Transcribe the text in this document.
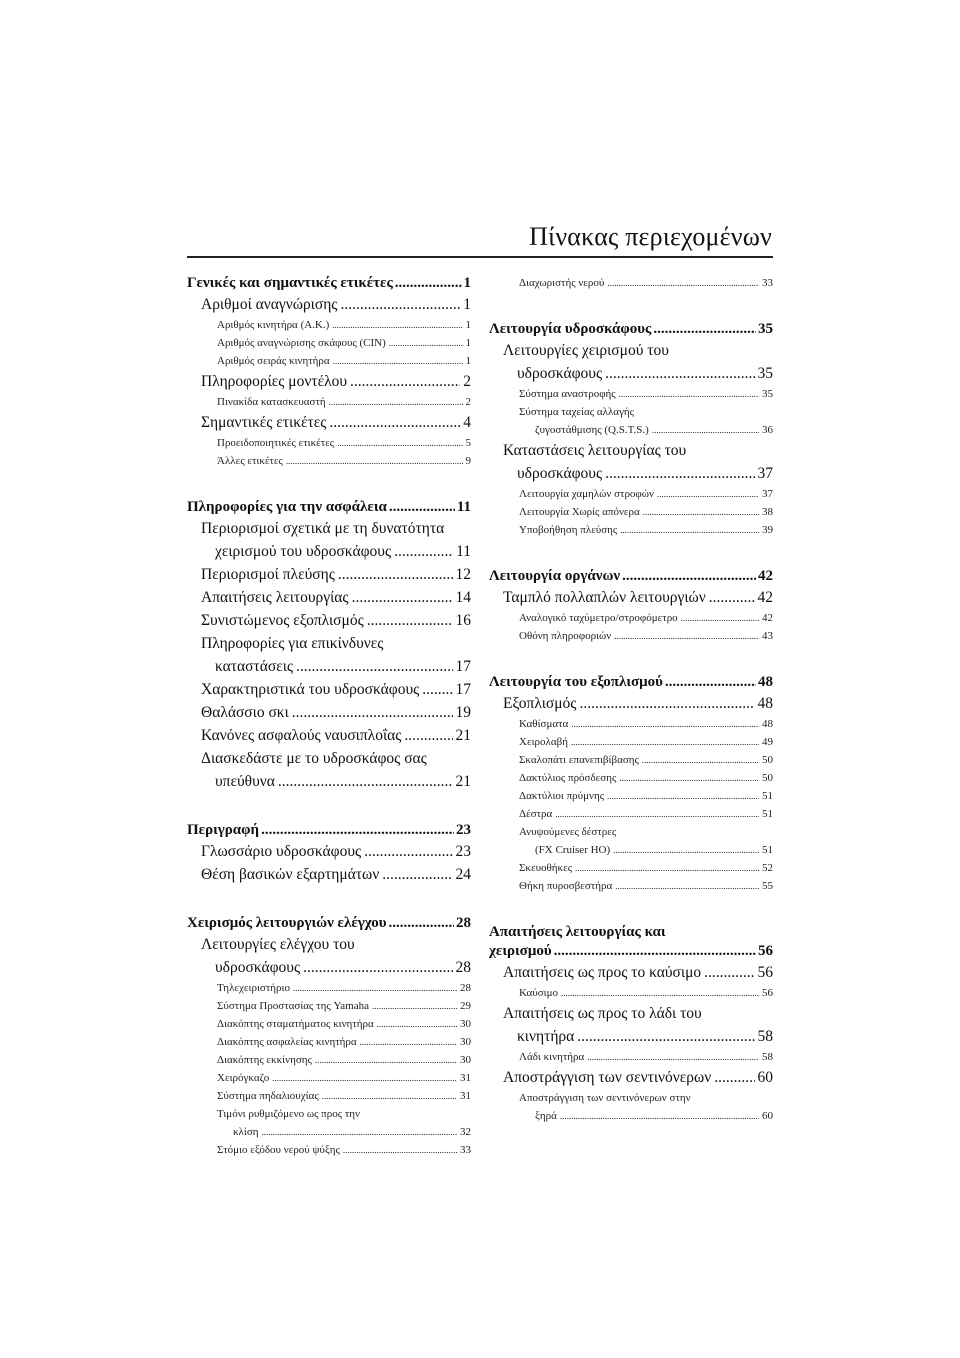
Πίνακας περιεχομένων
Γενικές και σημαντικές ετικέτες .....	1
Αριθμοί αναγνώρισης .....	1
Αριθμός κινητήρα (Α.Κ.) .....	1
Αριθμός αναγνώρισης σκάφους (CIN) .....	1
Αριθμός σειράς κινητήρα .....	1
Πληροφορίες μοντέλου .....	2
Πινακίδα κατασκευαστή .....	2
Σημαντικές ετικέτες .....	4
Προειδοποιητικές ετικέτες .....	5
Άλλες ετικέτες .....	9
Πληροφορίες για την ασφάλεια .....	11
Περιορισμοί σχετικά με τη δυνατότητα
χειρισμού του υδροσκάφους .....	11
Περιορισμοί πλεύσης .....	12
Απαιτήσεις λειτουργίας .....	14
Συνιστώμενος εξοπλισμός .....	16
Πληροφορίες για επικίνδυνες
καταστάσεις .....	17
Χαρακτηριστικά του υδροσκάφους ..... 17
Θαλάσσιο σκι .....	19
Κανόνες ασφαλούς ναυσιπλοΐας .....	21
Διασκεδάστε με το υδροσκάφος σας
υπεύθυνα .....	21
Περιγραφή .....	23
Γλωσσάριο υδροσκάφους .....	23
Θέση βασικών εξαρτημάτων .....	24
Χειρισμός λειτουργιών ελέγχου .....	28
Λειτουργίες ελέγχου του
υδροσκάφους .....	28
Τηλεχειριστήριο .....	28
Σύστημα Προστασίας της Yamaha .....	29
Διακόπτης σταματήματος κινητήρα .....	30
Διακόπτης ασφαλείας κινητήρα .....	30
Διακόπτης εκκίνησης .....	30
Χειρόγκαζο .....	31
Σύστημα πηδαλιουχίας .....	31
Τιμόνι ρυθμιζόμενο ως προς την
κλίση .....	32
Στόμιο εξόδου νερού ψύξης .....	33
Διαχωριστής νερού .....	33
Λειτουργία υδροσκάφους .....	35
Λειτουργίες χειρισμού του
υδροσκάφους .....	35
Σύστημα αναστροφής .....	35
Σύστημα ταχείας αλλαγής
ζυγοστάθμισης (Q.S.T.S.) .....	36
Καταστάσεις λειτουργίας του
υδροσκάφους .....	37
Λειτουργία χαμηλών στροφών .....	37
Λειτουργία Χωρίς απόνερα .....	38
Υποβοήθηση πλεύσης .....	39
Λειτουργία οργάνων .....	42
Ταμπλό πολλαπλών λειτουργιών .....	42
Αναλογικό ταχύμετρο/στροφόμετρο .....	42
Οθόνη πληροφοριών .....	43
Λειτουργία του εξοπλισμού .....	48
Εξοπλισμός .....	48
Καθίσματα .....	48
Χειρολαβή .....	49
Σκαλοπάτι επανεπιβίβασης .....	50
Δακτύλιος πρόσδεσης .....	50
Δακτύλιοι πρύμνης .....	51
Δέστρα .....	51
Ανυψούμενες δέστρες
(FX Cruiser HO) .....	51
Σκευοθήκες .....	52
Θήκη πυροσβεστήρα .....	55
Απαιτήσεις λειτουργίας και
χειρισμού .....	56
Απαιτήσεις ως προς το καύσιμο .....	56
Καύσιμο .....	56
Απαιτήσεις ως προς το λάδι του
κινητήρα .....	58
Λάδι κινητήρα .....	58
Αποστράγγιση των σεντινόνερων .....	60
Αποστράγγιση των σεντινόνερων στην
ξηρά .....	60
